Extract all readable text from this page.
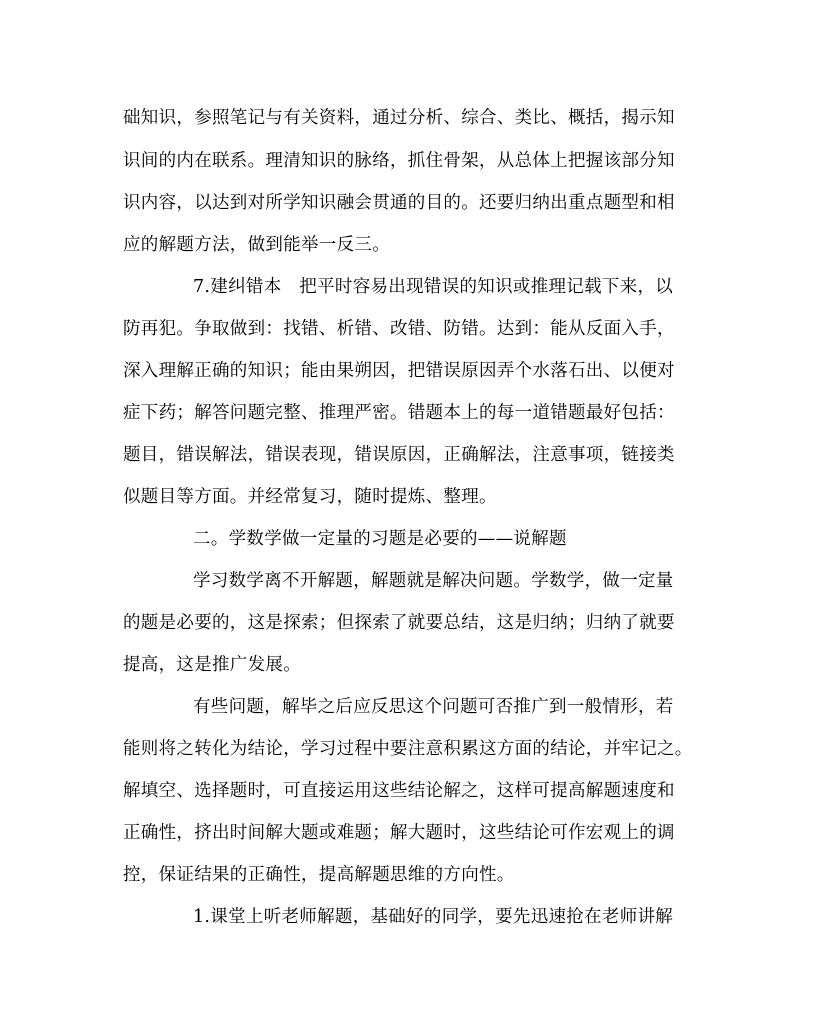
础知识，参照笔记与有关资料，通过分析、综合、类比、概括，揭示知
识间的内在联系。理清知识的脉络，抓住骨架，从总体上把握该部分知
识内容，以达到对所学知识融会贯通的目的。还要归纳出重点题型和相
应的解题方法，做到能举一反三。
7.建纠错本　把平时容易出现错误的知识或推理记载下来，以
防再犯。争取做到：找错、析错、改错、防错。达到：能从反面入手，
深入理解正确的知识；能由果朔因，把错误原因弄个水落石出、以便对
症下药；解答问题完整、推理严密。错题本上的每一道错题最好包括：
题目，错误解法，错误表现，错误原因，正确解法，注意事项，链接类
似题目等方面。并经常复习，随时提炼、整理。
二。学数学做一定量的习题是必要的——说解题
学习数学离不开解题，解题就是解决问题。学数学，做一定量
的题是必要的，这是探索；但探索了就要总结，这是归纳；归纳了就要
提高，这是推广发展。
有些问题，解毕之后应反思这个问题可否推广到一般情形，若
能则将之转化为结论，学习过程中要注意积累这方面的结论，并牢记之。
解填空、选择题时，可直接运用这些结论解之，这样可提高解题速度和
正确性，挤出时间解大题或难题；解大题时，这些结论可作宏观上的调
控，保证结果的正确性，提高解题思维的方向性。
1.课堂上听老师解题，基础好的同学，要先迅速抢在老师讲解
